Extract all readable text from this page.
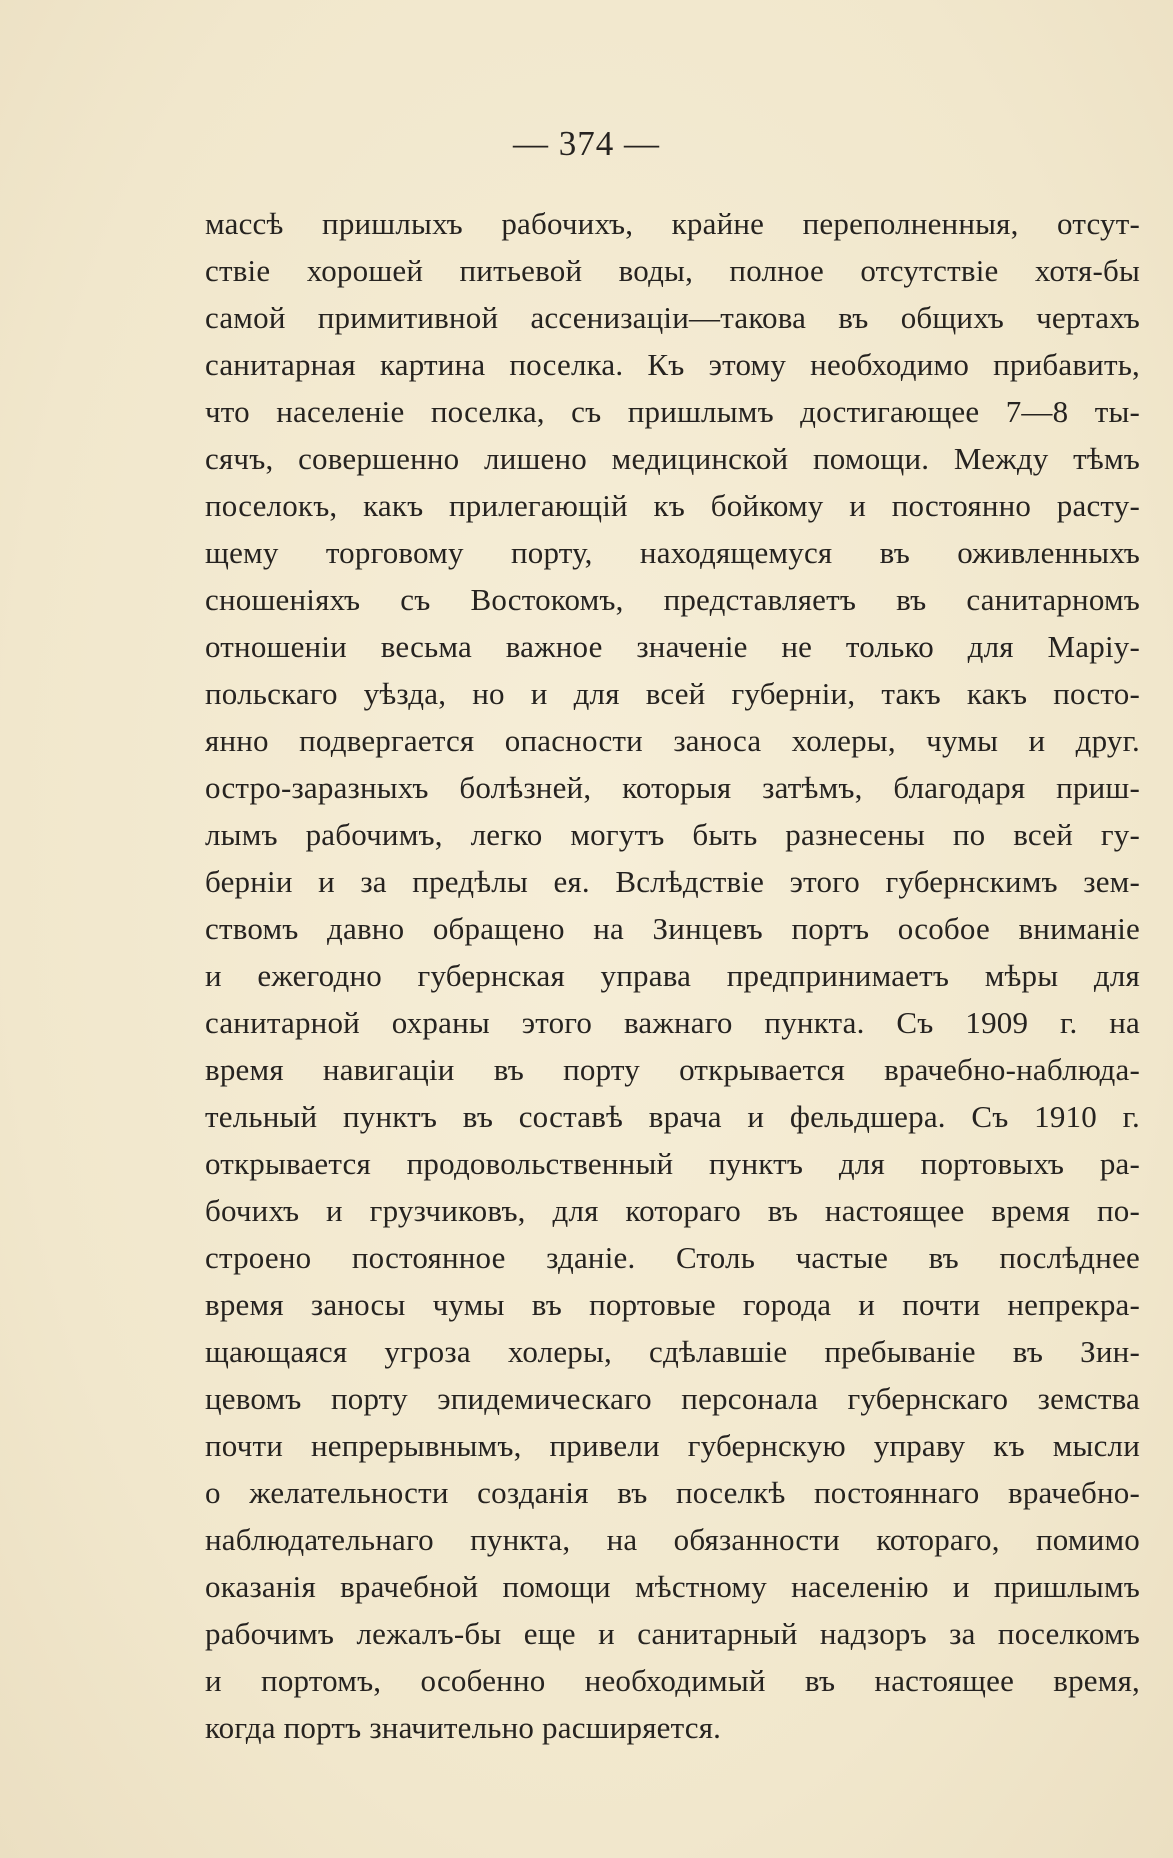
— 374 —
массѣ пришлыхъ рабочихъ, крайне переполненныя, отсут-
ствіе хорошей питьевой воды, полное отсутствіе хотя-бы
самой примитивной ассенизаціи—такова въ общихъ чертахъ
санитарная картина поселка. Къ этому необходимо прибавить,
что населеніе поселка, съ пришлымъ достигающее 7—8 ты-
сячъ, совершенно лишено медицинской помощи. Между тѣмъ
поселокъ, какъ прилегающій къ бойкому и постоянно расту-
щему торговому порту, находящемуся въ оживленныхъ
сношеніяхъ съ Востокомъ, представляетъ въ санитарномъ
отношеніи весьма важное значеніе не только для Маріу-
польскаго уѣзда, но и для всей губерніи, такъ какъ посто-
янно подвергается опасности заноса холеры, чумы и друг.
остро-заразныхъ болѣзней, которыя затѣмъ, благодаря приш-
лымъ рабочимъ, легко могутъ быть разнесены по всей гу-
берніи и за предѣлы ея. Вслѣдствіе этого губернскимъ зем-
ствомъ давно обращено на Зинцевъ портъ особое вниманіе
и ежегодно губернская управа предпринимаетъ мѣры для
санитарной охраны этого важнаго пункта. Съ 1909 г. на
время навигаціи въ порту открывается врачебно-наблюда-
тельный пунктъ въ составѣ врача и фельдшера. Съ 1910 г.
открывается продовольственный пунктъ для портовыхъ ра-
бочихъ и грузчиковъ, для котораго въ настоящее время по-
строено постоянное зданіе. Столь частые въ послѣднее
время заносы чумы въ портовые города и почти непрекра-
щающаяся угроза холеры, сдѣлавшіе пребываніе въ Зин-
цевомъ порту эпидемическаго персонала губернскаго земства
почти непрерывнымъ, привели губернскую управу къ мысли
о желательности созданія въ поселкѣ постояннаго врачебно-
наблюдательнаго пункта, на обязанности котораго, помимо
оказанія врачебной помощи мѣстному населенію и пришлымъ
рабочимъ лежалъ-бы еще и санитарный надзоръ за поселкомъ
и портомъ, особенно необходимый въ настоящее время,
когда портъ значительно расширяется.
